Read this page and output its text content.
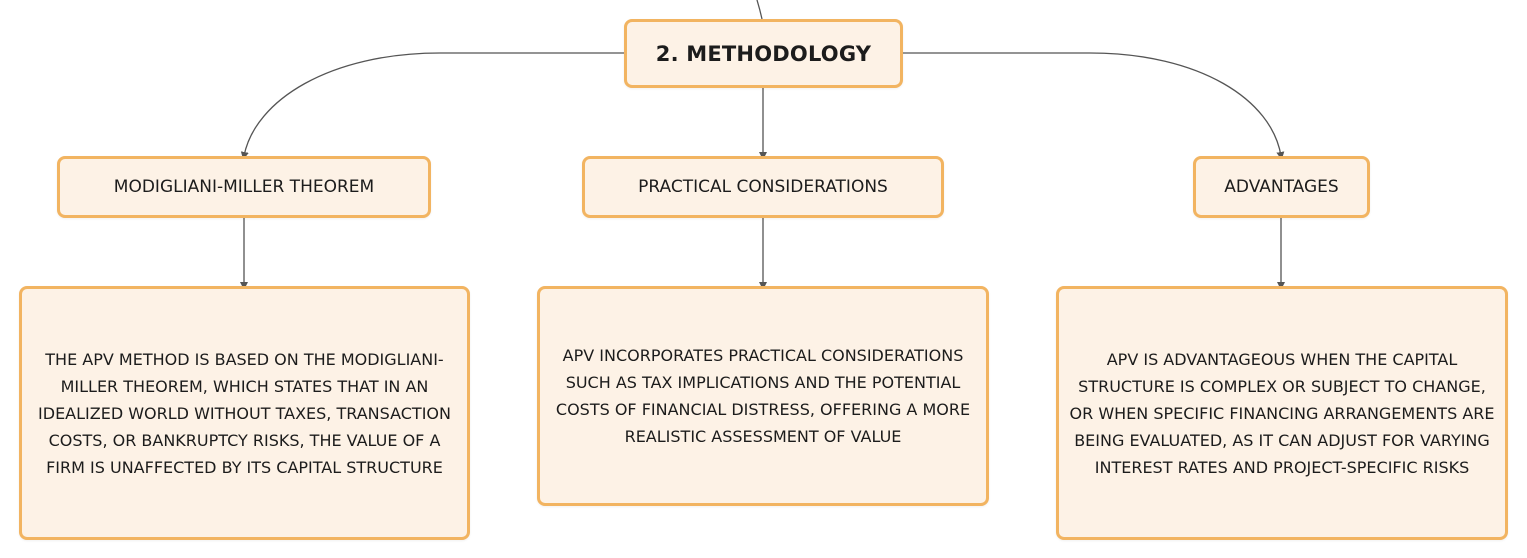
2. METHODOLOGY
MODIGLIANI-MILLER THEOREM	PRACTICAL CONSIDERATIONS	ADVANTAGES
THE APV METHOD IS BASED ON THE MODIGLIANI-MILLER THEOREM, WHICH STATES THAT IN AN IDEALIZED WORLD WITHOUT TAXES, TRANSACTION COSTS, OR BANKRUPTCY RISKS, THE VALUE OF A FIRM IS UNAFFECTED BY ITS CAPITAL STRUCTURE
APV INCORPORATES PRACTICAL CONSIDERATIONS SUCH AS TAX IMPLICATIONS AND THE POTENTIAL COSTS OF FINANCIAL DISTRESS, OFFERING A MORE REALISTIC ASSESSMENT OF VALUE
APV IS ADVANTAGEOUS WHEN THE CAPITAL STRUCTURE IS COMPLEX OR SUBJECT TO CHANGE, OR WHEN SPECIFIC FINANCING ARRANGEMENTS ARE BEING EVALUATED, AS IT CAN ADJUST FOR VARYING INTEREST RATES AND PROJECT-SPECIFIC RISKS
